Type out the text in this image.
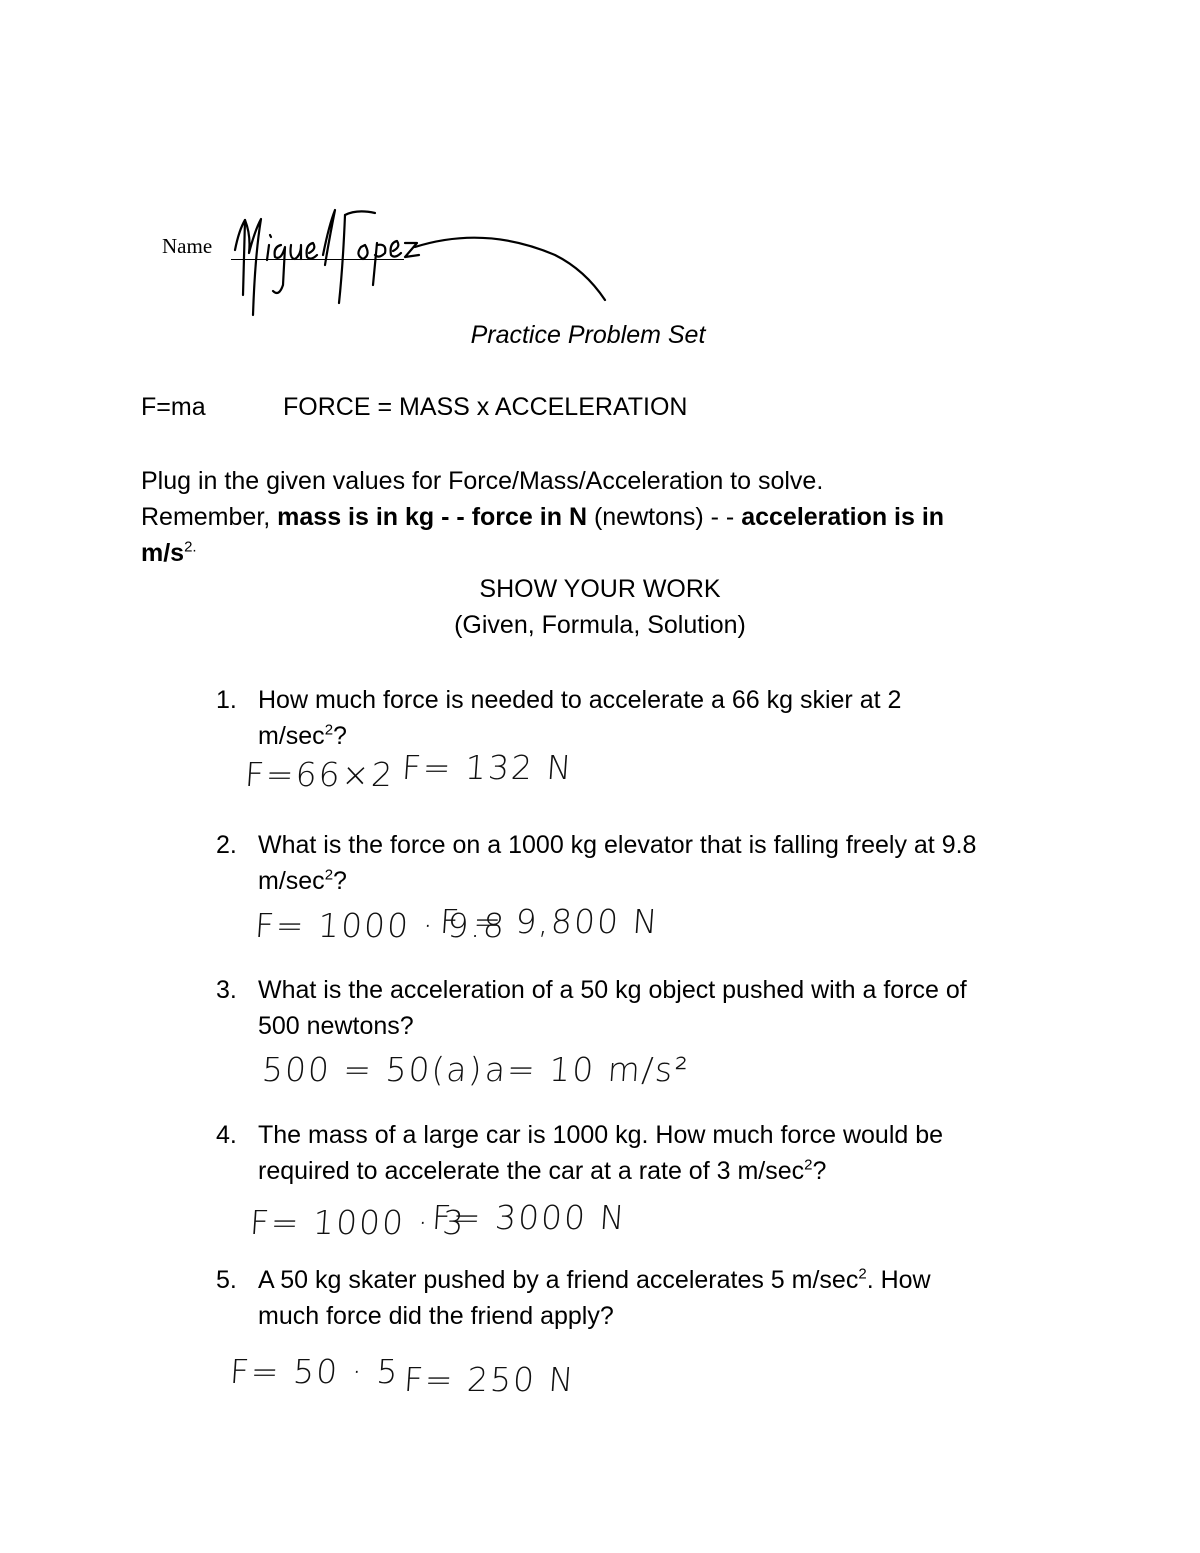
Name
Practice Problem Set
F=ma	FORCE = MASS x ACCELERATION
Plug in the given values for Force/Mass/Acceleration to solve.
Remember, mass is in kg - - force in N (newtons) - - acceleration is in
$m/s^{2.}$
SHOW YOUR WORK
(Given, Formula, Solution)
1. How much force is needed to accelerate a 66 kg skier at 2
$m/\sec^2$?
F=66×2 F= 132 N
2. What is the force on a 1000 kg elevator that is falling freely at 9.8
$m/\sec^2$?
F= 1000 · 9.8
F = 9,800 N
3. What is the acceleration of a 50 kg object pushed with a force of
500 newtons?
500 = 50(a)
a= 10 m/s²
4. The mass of a large car is 1000 kg. How much force would be
required to accelerate the car at a rate of 3 $m/\sec^2$?
F= 1000 · 3
F= 3000 N
5. A 50 kg skater pushed by a friend accelerates 5 $m/\sec^2$. How
much force did the friend apply?
F= 50 · 5 F= 250 N
